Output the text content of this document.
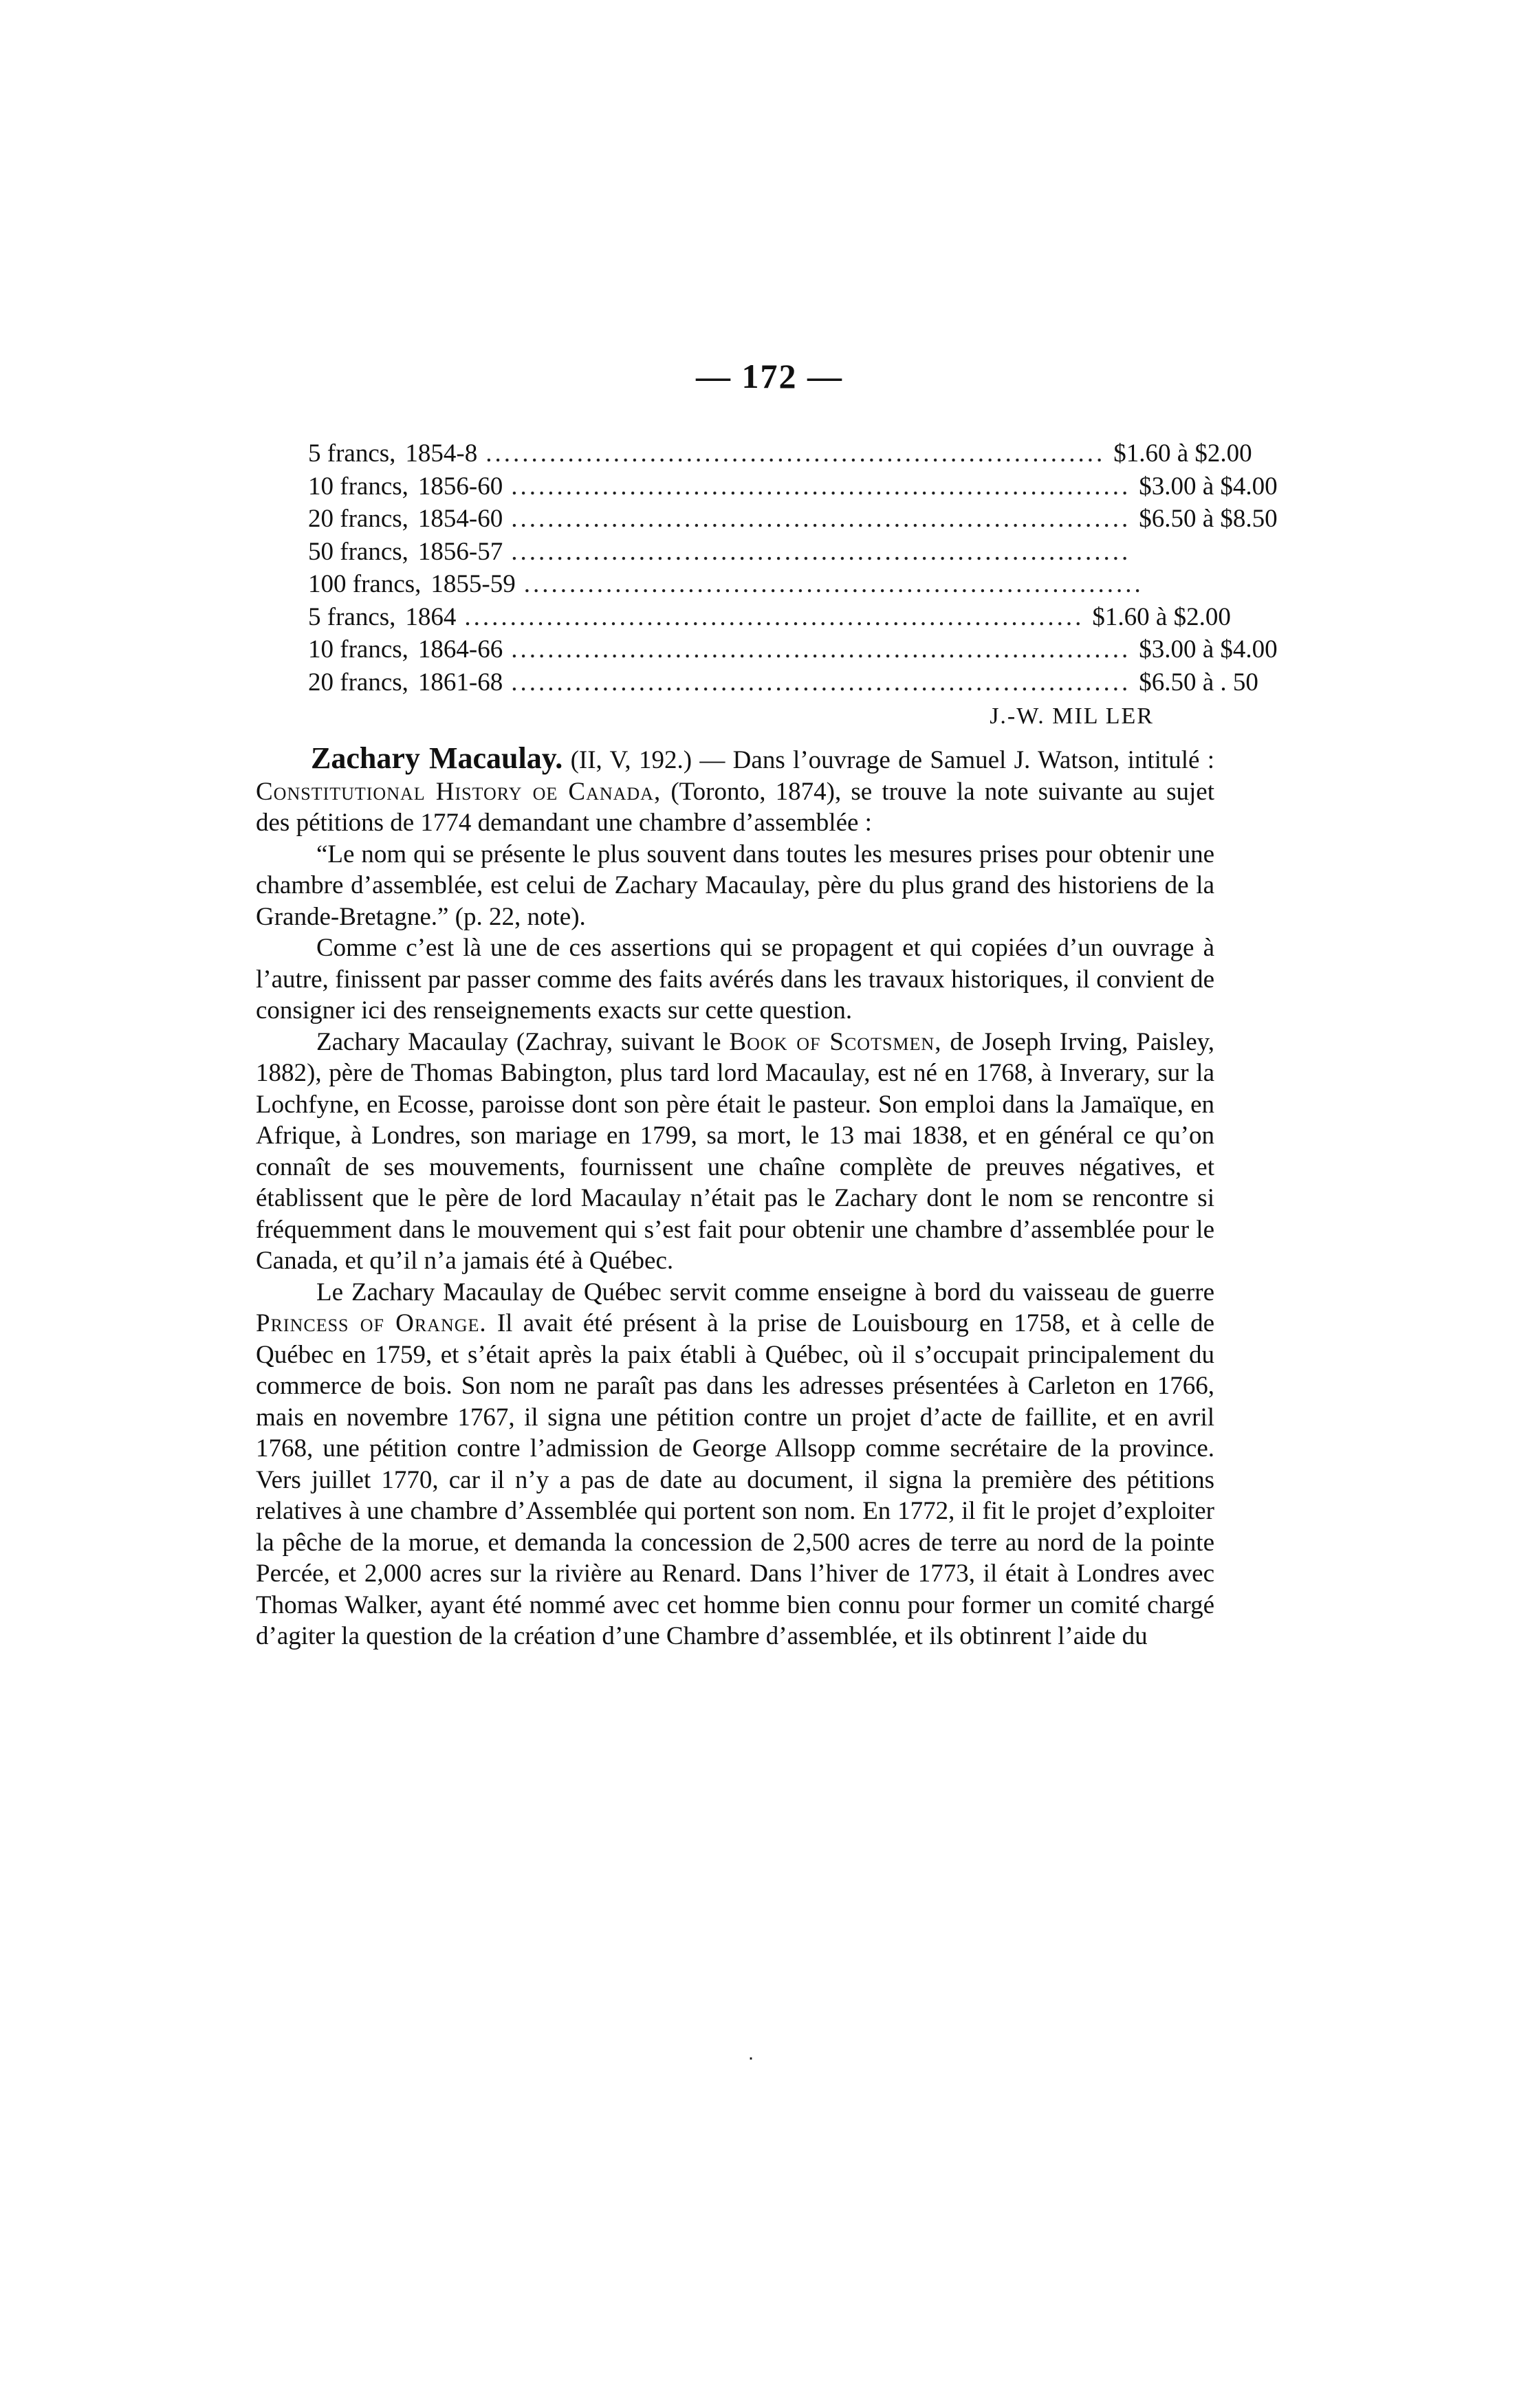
— 172 —
5 francs, 1854-8 .................................................................... $1.60 à $2.00
10 francs, 1856-60 .................................................................... $3.00 à $4.00
20 francs, 1854-60 .................................................................... $6.50 à $8.50
50 francs, 1856-57 ....................................................................
100 francs, 1855-59 ....................................................................
5 francs, 1864 .................................................................... $1.60 à $2.00
10 francs, 1864-66 .................................................................... $3.00 à $4.00
20 francs, 1861-68 .................................................................... $6.50 à . 50
J.-W. MIL LER

Zachary Macaulay. (II, V, 192.) — Dans l’ouvrage de Samuel J. Watson, intitulé : Constitutional History oe Canada, (Toronto, 1874), se trouve la note suivante au sujet des pétitions de 1774 demandant une chambre d’assemblée :

“Le nom qui se présente le plus souvent dans toutes les mesures prises pour obtenir une chambre d’assemblée, est celui de Zachary Macaulay, père du plus grand des historiens de la Grande-Bretagne.” (p. 22, note).

Comme c’est là une de ces assertions qui se propagent et qui copiées d’un ouvrage à l’autre, finissent par passer comme des faits avérés dans les travaux historiques, il convient de consigner ici des renseignements exacts sur cette question.

Zachary Macaulay (Zachray, suivant le Book of Scotsmen, de Joseph Irving, Paisley, 1882), père de Thomas Babington, plus tard lord Macaulay, est né en 1768, à Inverary, sur la Lochfyne, en Ecosse, paroisse dont son père était le pasteur. Son emploi dans la Jamaïque, en Afrique, à Londres, son mariage en 1799, sa mort, le 13 mai 1838, et en général ce qu’on connaît de ses mouvements, fournissent une chaîne complète de preuves négatives, et établissent que le père de lord Macaulay n’était pas le Zachary dont le nom se rencontre si fréquemment dans le mouvement qui s’est fait pour obtenir une chambre d’assemblée pour le Canada, et qu’il n’a jamais été à Québec.

Le Zachary Macaulay de Québec servit comme enseigne à bord du vaisseau de guerre Princess of Orange. Il avait été présent à la prise de Louisbourg en 1758, et à celle de Québec en 1759, et s’était après la paix établi à Québec, où il s’occupait principalement du commerce de bois. Son nom ne paraît pas dans les adresses présentées à Carleton en 1766, mais en novembre 1767, il signa une pétition contre un projet d’acte de faillite, et en avril 1768, une pétition contre l’admission de George Allsopp comme secrétaire de la province. Vers juillet 1770, car il n’y a pas de date au document, il signa la première des pétitions relatives à une chambre d’Assemblée qui portent son nom. En 1772, il fit le projet d’exploiter la pêche de la morue, et demanda la concession de 2,500 acres de terre au nord de la pointe Percée, et 2,000 acres sur la rivière au Renard. Dans l’hiver de 1773, il était à Londres avec Thomas Walker, ayant été nommé avec cet homme bien connu pour former un comité chargé d’agiter la question de la création d’une Chambre d’assemblée, et ils obtinrent l’aide du

٠
